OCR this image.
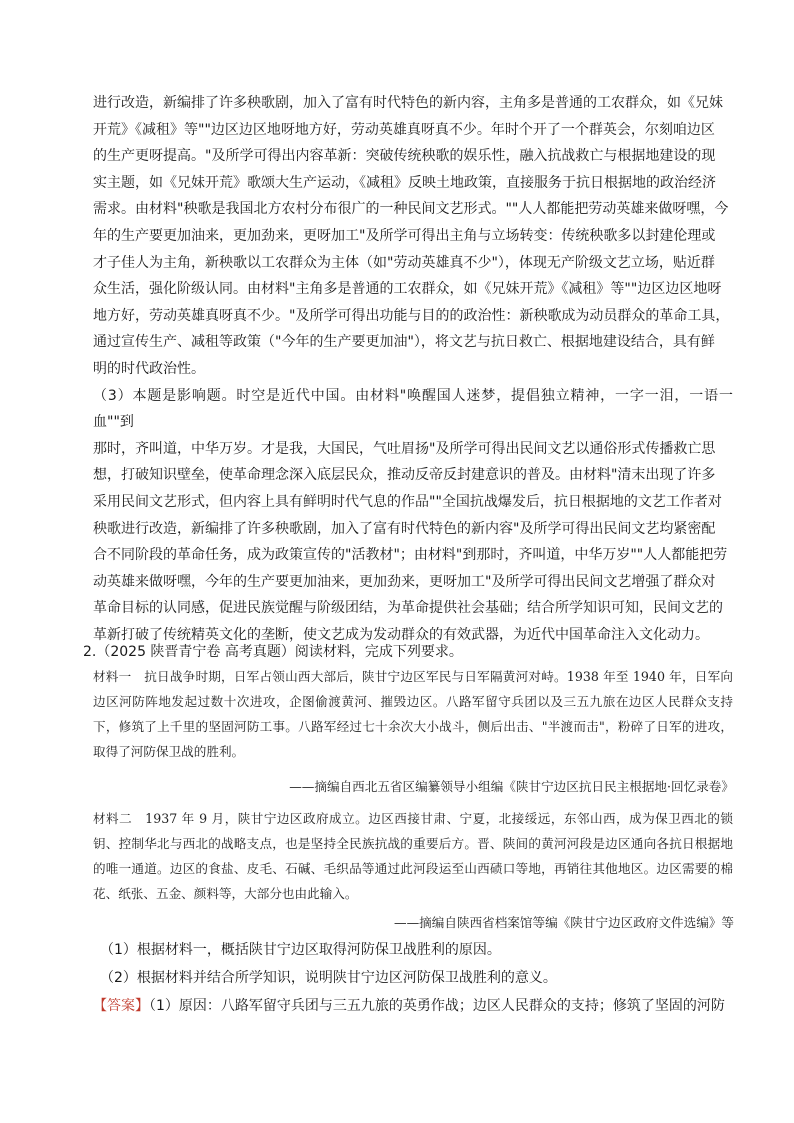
进行改造，新编排了许多秧歌剧，加入了富有时代特色的新内容，主角多是普通的工农群众，如《兄妹

开荒》《减租》等""边区边区地呀地方好，劳动英雄真呀真不少。年时个开了一个群英会，尔刻咱边区

的生产更呀提高。"及所学可得出内容革新：突破传统秧歌的娱乐性，融入抗战救亡与根据地建设的现

实主题，如《兄妹开荒》歌颂大生产运动，《减租》反映土地政策，直接服务于抗日根据地的政治经济

需求。由材料"秧歌是我国北方农村分布很广的一种民间文艺形式。""人人都能把劳动英雄来做呀嘿，今

年的生产要更加油来，更加劲来，更呀加工"及所学可得出主角与立场转变：传统秧歌多以封建伦理或

才子佳人为主角，新秧歌以工农群众为主体（如"劳动英雄真不少"），体现无产阶级文艺立场，贴近群

众生活，强化阶级认同。由材料"主角多是普通的工农群众，如《兄妹开荒》《减租》等""边区边区地呀

地方好，劳动英雄真呀真不少。"及所学可得出功能与目的的政治性：新秧歌成为动员群众的革命工具，

通过宣传生产、减租等政策（"今年的生产要更加油"），将文艺与抗日救亡、根据地建设结合，具有鲜

明的时代政治性。

（3）本题是影响题。时空是近代中国。由材料"唤醒国人迷梦，提倡独立精神，一字一泪，一语一血""到

那时，齐叫道，中华万岁。才是我，大国民，气吐眉扬"及所学可得出民间文艺以通俗形式传播救亡思

想，打破知识壁垒，使革命理念深入底层民众，推动反帝反封建意识的普及。由材料"清末出现了许多

采用民间文艺形式，但内容上具有鲜明时代气息的作品""全国抗战爆发后，抗日根据地的文艺工作者对

秧歌进行改造，新编排了许多秧歌剧，加入了富有时代特色的新内容"及所学可得出民间文艺均紧密配

合不同阶段的革命任务，成为政策宣传的"活教材"；由材料"到那时，齐叫道，中华万岁""人人都能把劳

动英雄来做呀嘿，今年的生产要更加油来，更加劲来，更呀加工"及所学可得出民间文艺增强了群众对

革命目标的认同感，促进民族觉醒与阶级团结，为革命提供社会基础；结合所学知识可知，民间文艺的

革新打破了传统精英文化的垄断，使文艺成为发动群众的有效武器，为近代中国革命注入文化动力。

2.（2025 陕晋青宁卷 高考真题）阅读材料，完成下列要求。
材料一　抗日战争时期，日军占领山西大部后，陕甘宁边区军民与日军隔黄河对峙。1938 年至 1940 年，日军向边区河防阵地发起过数十次进攻，企图偷渡黄河、摧毁边区。八路军留守兵团以及三五九旅在边区人民群众支持下，修筑了上千里的坚固河防工事。八路军经过七十余次大小战斗，侧后出击、"半渡而击"，粉碎了日军的进攻，取得了河防保卫战的胜利。
——摘编自西北五省区编纂领导小组编《陕甘宁边区抗日民主根据地·回忆录卷》
材料二　1937 年 9 月，陕甘宁边区政府成立。边区西接甘肃、宁夏，北接绥远，东邻山西，成为保卫西北的锁钥、控制华北与西北的战略支点，也是坚持全民族抗战的重要后方。晋、陕间的黄河河段是边区通向各抗日根据地的唯一通道。边区的食盐、皮毛、石碱、毛织品等通过此河段运至山西碛口等地，再销往其他地区。边区需要的棉花、纸张、五金、颜料等，大部分也由此输入。
——摘编自陕西省档案馆等编《陕甘宁边区政府文件选编》等
（1）根据材料一，概括陕甘宁边区取得河防保卫战胜利的原因。
（2）根据材料并结合所学知识，说明陕甘宁边区河防保卫战胜利的意义。
【答案】（1）原因：八路军留守兵团与三五九旅的英勇作战；边区人民群众的支持；修筑了坚固的河防
